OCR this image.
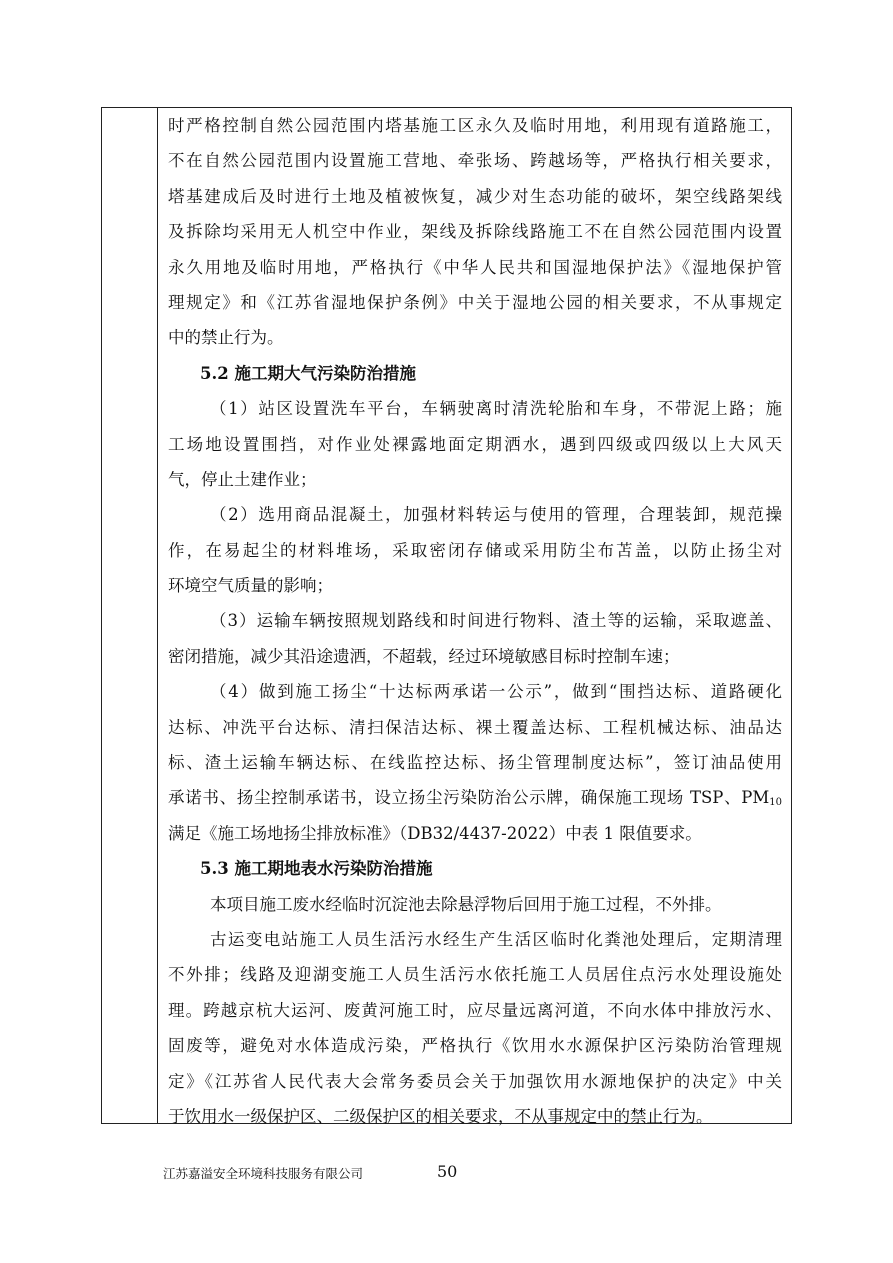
时严格控制自然公园范围内塔基施工区永久及临时用地，利用现有道路施工，
不在自然公园范围内设置施工营地、牵张场、跨越场等，严格执行相关要求，
塔基建成后及时进行土地及植被恢复，减少对生态功能的破坏，架空线路架线
及拆除均采用无人机空中作业，架线及拆除线路施工不在自然公园范围内设置
永久用地及临时用地，严格执行《中华人民共和国湿地保护法》《湿地保护管
理规定》和《江苏省湿地保护条例》中关于湿地公园的相关要求，不从事规定
中的禁止行为。
5.2 施工期大气污染防治措施
（1）站区设置洗车平台，车辆驶离时清洗轮胎和车身，不带泥上路；施
工场地设置围挡，对作业处裸露地面定期洒水，遇到四级或四级以上大风天
气，停止土建作业；
（2）选用商品混凝土，加强材料转运与使用的管理，合理装卸，规范操
作，在易起尘的材料堆场，采取密闭存储或采用防尘布苫盖，以防止扬尘对
环境空气质量的影响；
（3）运输车辆按照规划路线和时间进行物料、渣土等的运输，采取遮盖、
密闭措施，减少其沿途遗洒，不超载，经过环境敏感目标时控制车速；
（4）做到施工扬尘“十达标两承诺一公示”，做到“围挡达标、道路硬化
达标、冲洗平台达标、清扫保洁达标、裸土覆盖达标、工程机械达标、油品达
标、渣土运输车辆达标、在线监控达标、扬尘管理制度达标”，签订油品使用
承诺书、扬尘控制承诺书，设立扬尘污染防治公示牌，确保施工现场 TSP、$PM_{10}$
满足《施工场地扬尘排放标准》（DB32/4437-2022）中表 1 限值要求。
5.3 施工期地表水污染防治措施
本项目施工废水经临时沉淀池去除悬浮物后回用于施工过程，不外排。
古运变电站施工人员生活污水经生产生活区临时化粪池处理后，定期清理
不外排；线路及迎湖变施工人员生活污水依托施工人员居住点污水处理设施处
理。跨越京杭大运河、废黄河施工时，应尽量远离河道，不向水体中排放污水、
固废等，避免对水体造成污染，严格执行《饮用水水源保护区污染防治管理规
定》《江苏省人民代表大会常务委员会关于加强饮用水源地保护的决定》中关
于饮用水一级保护区、二级保护区的相关要求，不从事规定中的禁止行为。
江苏嘉溢安全环境科技服务有限公司	50
